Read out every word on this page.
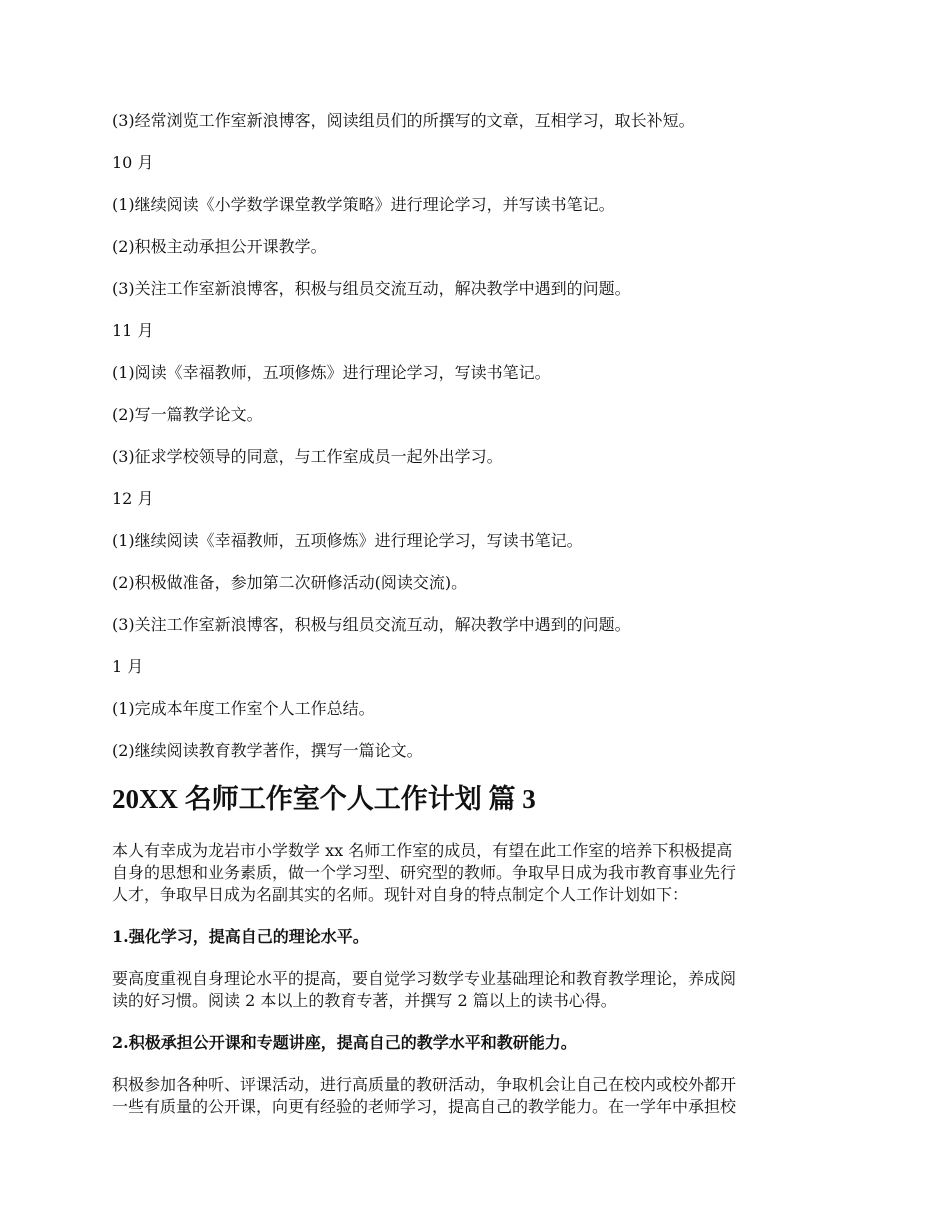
(3)经常浏览工作室新浪博客，阅读组员们的所撰写的文章，互相学习，取长补短。
10 月
(1)继续阅读《小学数学课堂教学策略》进行理论学习，并写读书笔记。
(2)积极主动承担公开课教学。
(3)关注工作室新浪博客，积极与组员交流互动，解决教学中遇到的问题。
11 月
(1)阅读《幸福教师，五项修炼》进行理论学习，写读书笔记。
(2)写一篇教学论文。
(3)征求学校领导的同意，与工作室成员一起外出学习。
12 月
(1)继续阅读《幸福教师，五项修炼》进行理论学习，写读书笔记。
(2)积极做准备，参加第二次研修活动(阅读交流)。
(3)关注工作室新浪博客，积极与组员交流互动，解决教学中遇到的问题。
1 月
(1)完成本年度工作室个人工作总结。
(2)继续阅读教育教学著作，撰写一篇论文。
20XX 名师工作室个人工作计划 篇 3
本人有幸成为龙岩市小学数学 xx 名师工作室的成员，有望在此工作室的培养下积极提高
自身的思想和业务素质，做一个学习型、研究型的教师。争取早日成为我市教育事业先行
人才，争取早日成为名副其实的名师。现针对自身的特点制定个人工作计划如下：
1.强化学习，提高自己的理论水平。
要高度重视自身理论水平的提高，要自觉学习数学专业基础理论和教育教学理论，养成阅
读的好习惯。阅读 2 本以上的教育专著，并撰写 2 篇以上的读书心得。
2.积极承担公开课和专题讲座，提高自己的教学水平和教研能力。
积极参加各种听、评课活动，进行高质量的教研活动，争取机会让自己在校内或校外都开
一些有质量的公开课，向更有经验的老师学习，提高自己的教学能力。在一学年中承担校
